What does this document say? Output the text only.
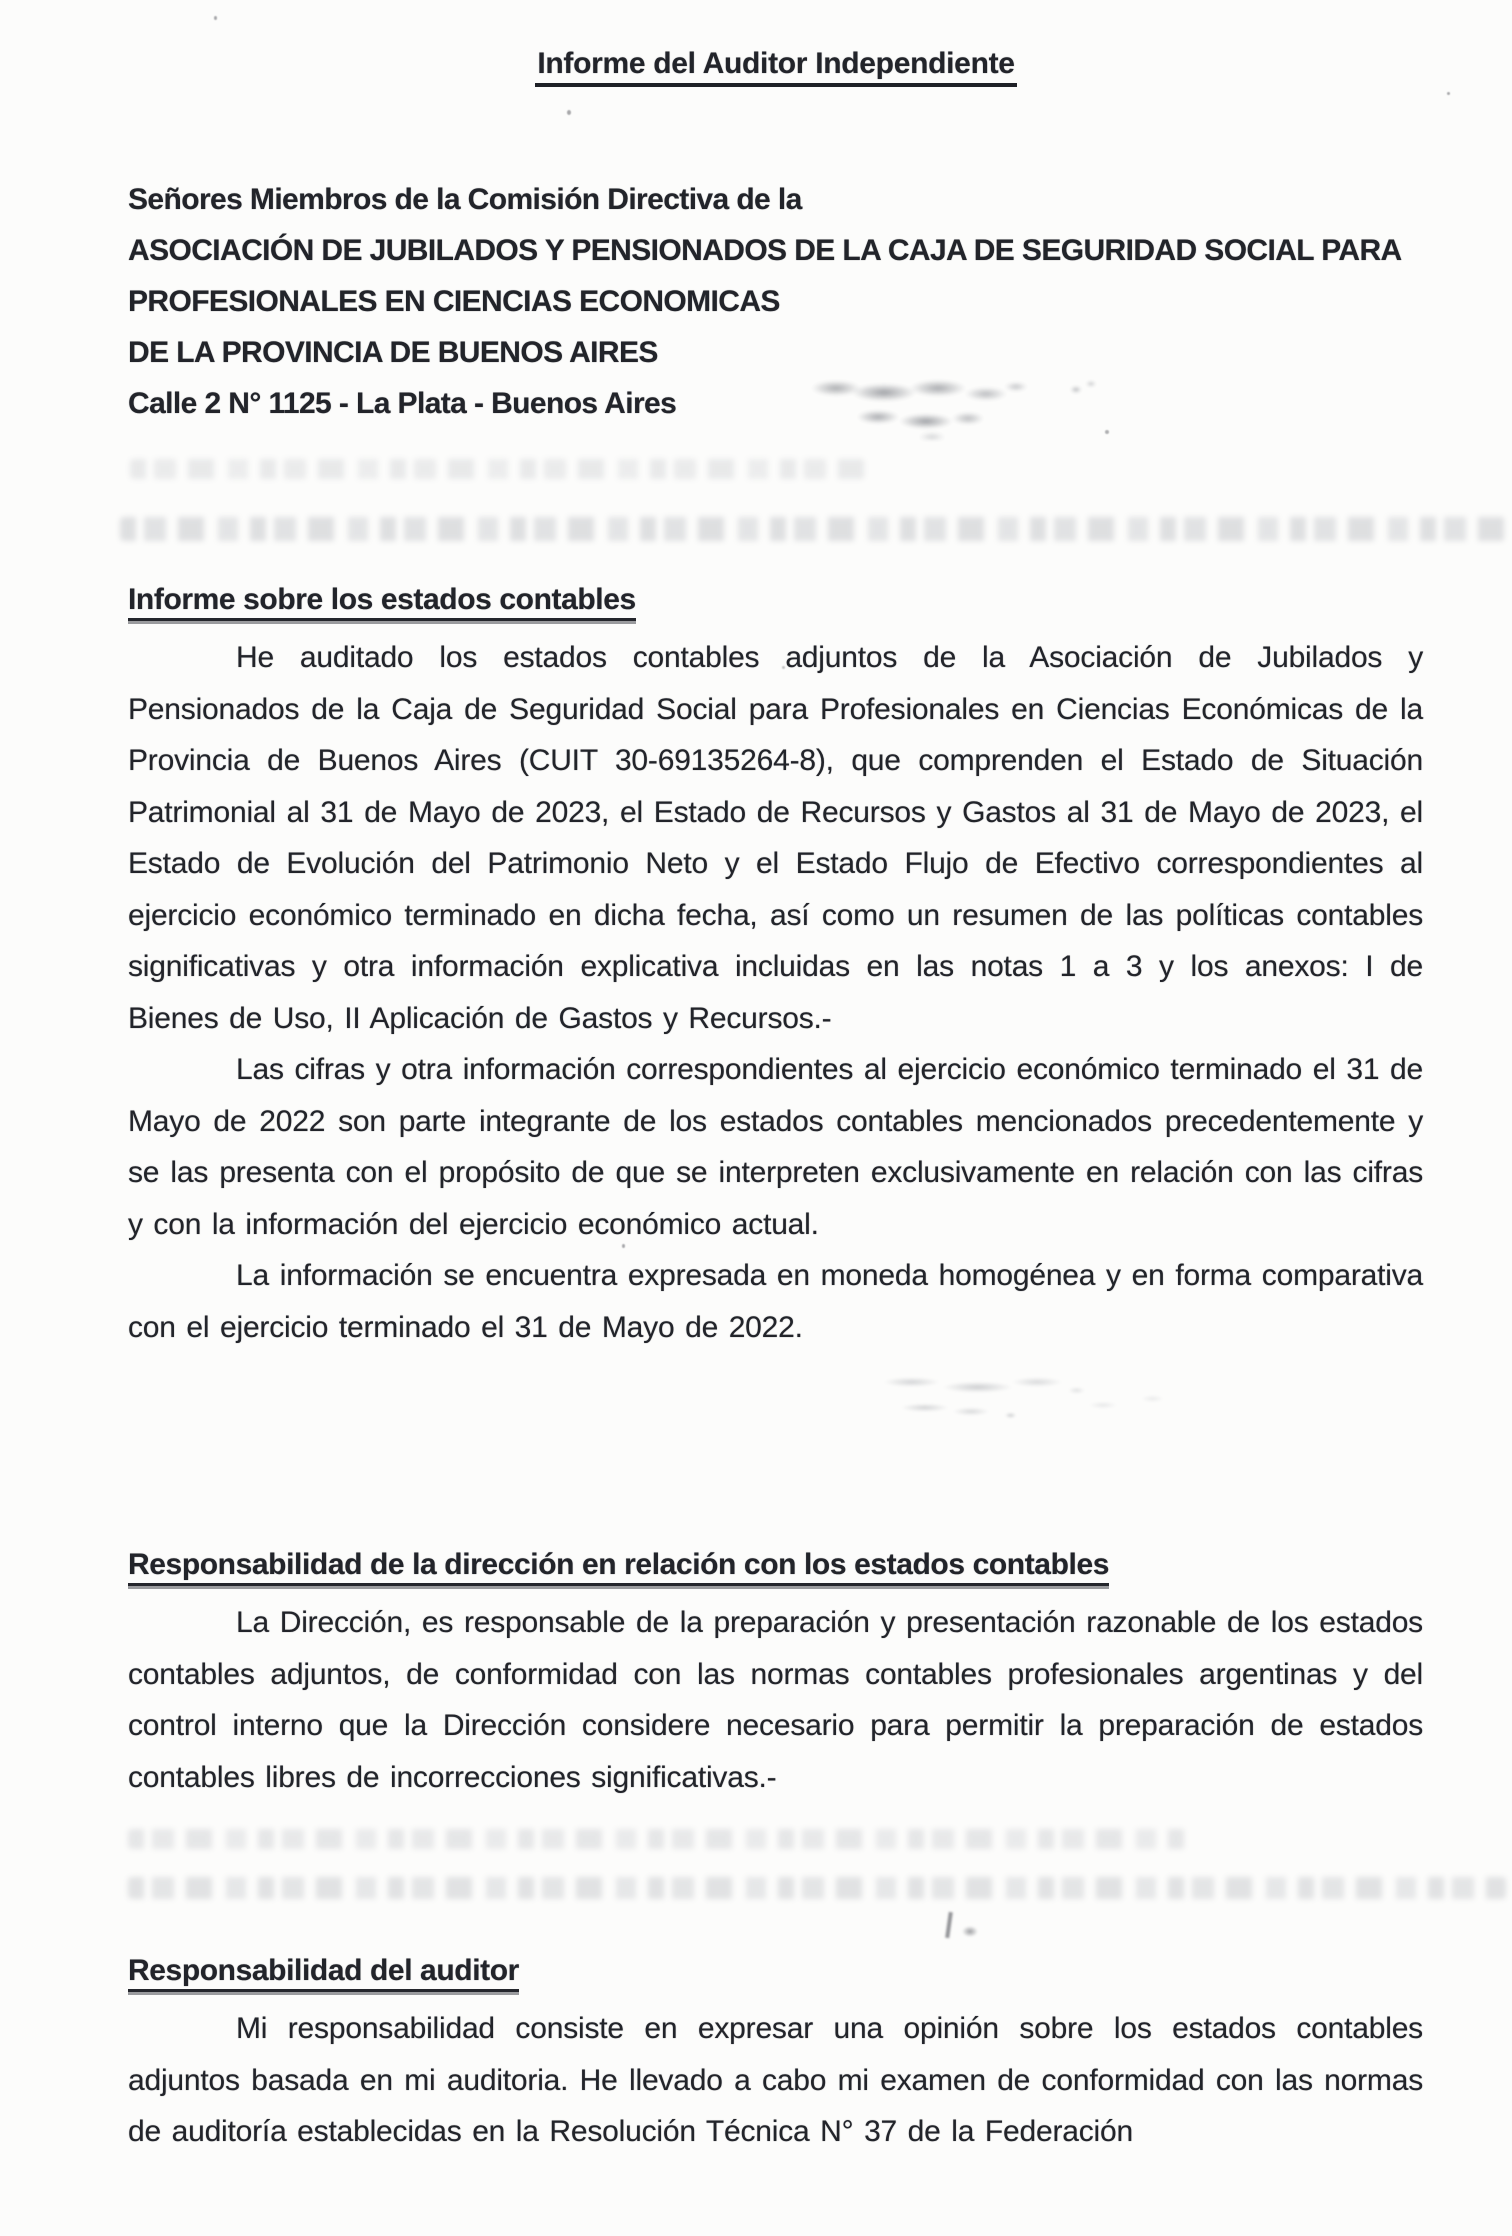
Informe del Auditor Independiente
Señores Miembros de la Comisión Directiva de la
ASOCIACIÓN DE JUBILADOS Y PENSIONADOS DE LA CAJA DE SEGURIDAD SOCIAL PARA
PROFESIONALES EN CIENCIAS ECONOMICAS
DE LA PROVINCIA DE BUENOS AIRES
Calle 2 N° 1125 - La Plata - Buenos Aires
Informe sobre los estados contables

He auditado los estados contables adjuntos de la Asociación de Jubilados y Pensionados de la Caja de Seguridad Social para Profesionales en Ciencias Económicas de la Provincia de Buenos Aires (CUIT 30-69135264-8), que comprenden el Estado de Situación Patrimonial al 31 de Mayo de 2023, el Estado de Recursos y Gastos al 31 de Mayo de 2023, el Estado de Evolución del Patrimonio Neto y el Estado Flujo de Efectivo correspondientes al ejercicio económico terminado en dicha fecha, así como un resumen de las políticas contables significativas y otra información explicativa incluidas en las notas 1 a 3 y los anexos: I de Bienes de Uso, II Aplicación de Gastos y Recursos.-

Las cifras y otra información correspondientes al ejercicio económico terminado el 31 de Mayo de 2022 son parte integrante de los estados contables mencionados precedentemente y se las presenta con el propósito de que se interpreten exclusivamente en relación con las cifras y con la información del ejercicio económico actual.

La información se encuentra expresada en moneda homogénea y en forma comparativa con el ejercicio terminado el 31 de Mayo de 2022.

Responsabilidad de la dirección en relación con los estados contables

La Dirección, es responsable de la preparación y presentación razonable de los estados contables adjuntos, de conformidad con las normas contables profesionales argentinas y del control interno que la Dirección considere necesario para permitir la preparación de estados contables libres de incorrecciones significativas.-

Responsabilidad del auditor

Mi responsabilidad consiste en expresar una opinión sobre los estados contables adjuntos basada en mi auditoria. He llevado a cabo mi examen de conformidad con las normas de auditoría establecidas en la Resolución Técnica N° 37 de la Federación
